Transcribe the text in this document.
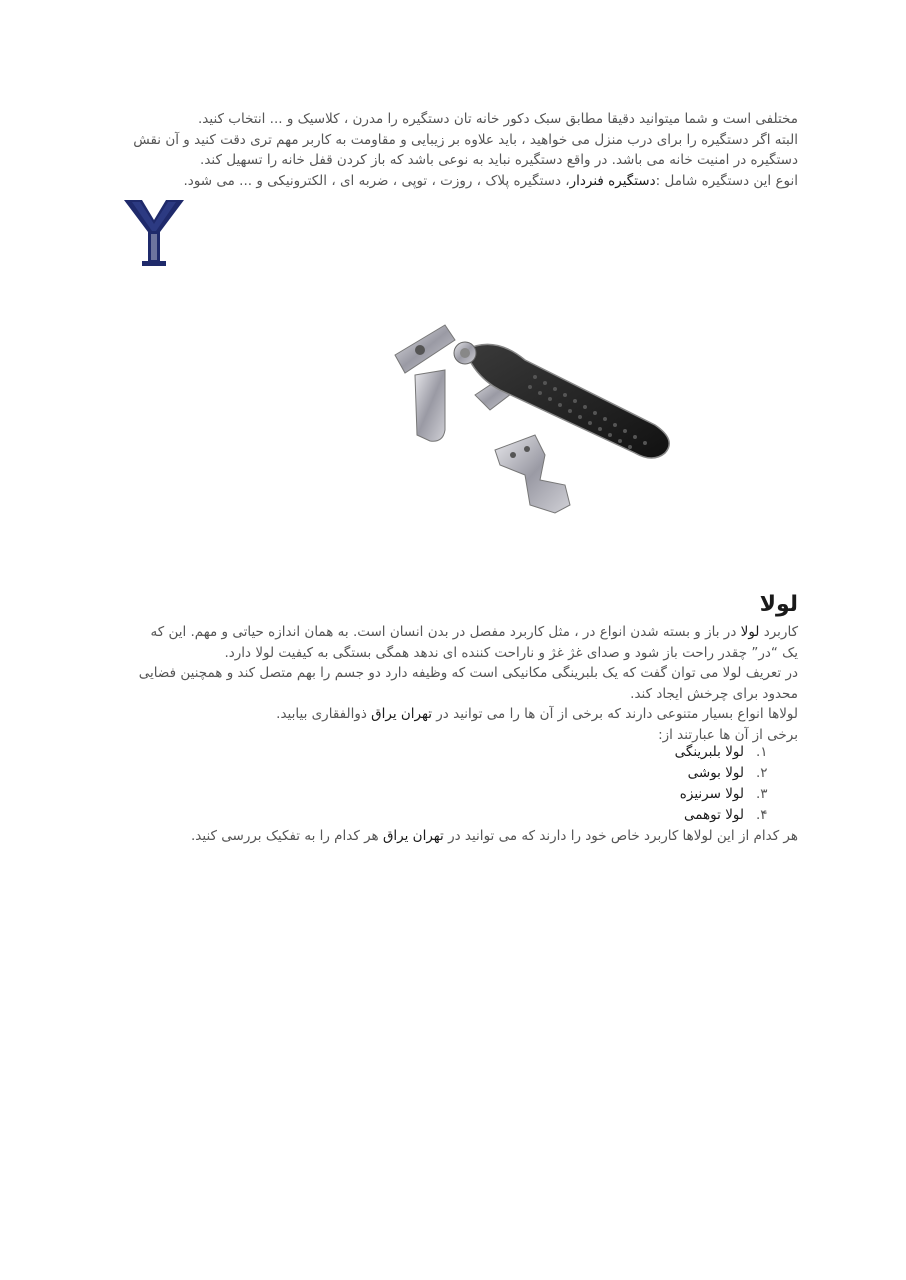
مختلفی است و شما میتوانید دقیقا مطابق سبک دکور خانه تان دستگیره را مدرن ، کلاسیک و ... انتخاب کنید.
البته اگر دستگیره را برای درب منزل می خواهید ، باید علاوه بر زیبایی و مقاومت به کاربر مهم تری دقت کنید و آن نقش
دستگیره در امنیت خانه می باشد. در واقع دستگیره نباید به نوعی باشد که باز کردن قفل خانه را تسهیل کند.
انوع این دستگیره شامل :دستگیره فنردار، دستگیره پلاک ، روزت ، توپی ، ضربه ای ، الکترونیکی و ... می شود.

لولا

کاربرد لولا در باز و بسته شدن انواع در ، مثل کاربرد مفصل در بدن انسان است. به همان اندازه حیاتی و مهم. این که
یک “در” چقدر راحت باز شود و صدای غژ غژ و ناراحت کننده ای ندهد همگی بستگی به کیفیت لولا دارد.
در تعریف لولا می توان گفت که یک بلبرینگی مکانیکی است که وظیفه دارد دو جسم را بهم متصل کند و همچنین فضایی
محدود برای چرخش ایجاد کند.
لولاها انواع بسیار متنوعی دارند که برخی از آن ها را می توانید در تهران یراق ذوالفقاری بیابید.
برخی از آن ها عبارتند از:

۱.
لولا بلبرینگی
۲.
لولا بوشی
۳.
لولا سرنیزه
۴.
لولا توهمی

هر کدام از این لولاها کاربرد خاص خود را دارند که می توانید در تهران یراق هر کدام را به تفکیک بررسی کنید.
